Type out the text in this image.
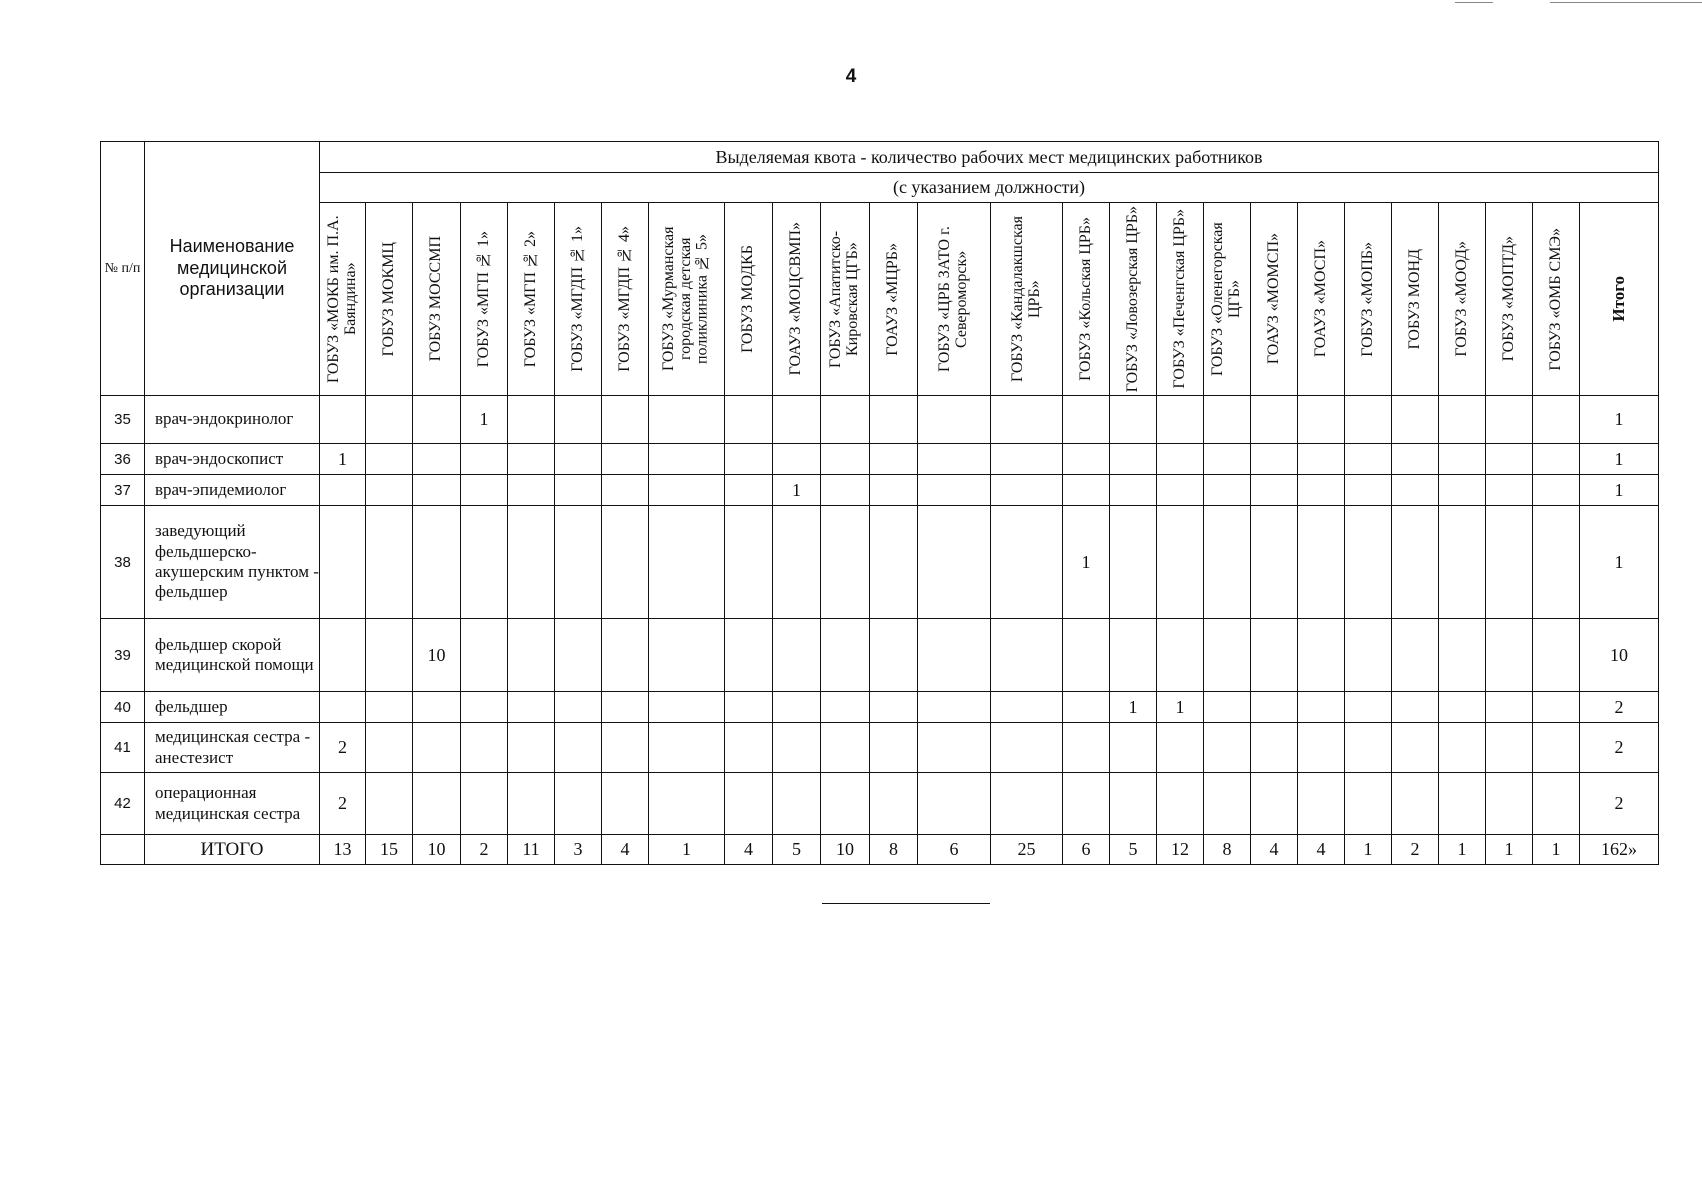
4
№ п/п	Наименование медицинской организации	Выделяемая квота - количество рабочих мест медицинских работников																									
		(с указанием должности)																									

		ГОБУЗ «МОКБ им. П.А. Баяндина»	ГОБУЗ МОКМЦ	ГОБУЗ МОССМП	ГОБУЗ «МГП № 1»	ГОБУЗ «МГП № 2»	ГОБУЗ «МГДП № 1»	ГОБУЗ «МГДП № 4»	ГОБУЗ «Мурманская городская детская поликлиника № 5»	ГОБУЗ МОДКБ	ГОАУЗ «МОЦСВМП»	ГОБУЗ «Апатитско-Кировская ЦГБ»	ГОАУЗ «МЦРБ»	ГОБУЗ «ЦРБ ЗАТО г. Североморск»	ГОБУЗ «Кандалакшская ЦРБ»	ГОБУЗ «Кольская ЦРБ»	ГОБУЗ «Ловозерская ЦРБ»	ГОБУЗ «Печенгская ЦРБ»	ГОБУЗ «Оленегорская ЦГБ»	ГОАУЗ «МОМСП»	ГОАУЗ «МОСП»	ГОБУЗ «МОПБ»	ГОБУЗ МОНД	ГОБУЗ «МООД»	ГОБУЗ «МОПТД»	ГОБУЗ «ОМБ СМЭ»	Итого

35	врач-эндокринолог				1																						1
36	врач-эндоскопист	1																									1
37	врач-эпидемиолог										1																1
38	заведующий фельдшерско-акушерским пунктом - фельдшер															1											1
39	фельдшер скорой медицинской помощи			10																							10
40	фельдшер																1	1									2
41	медицинская сестра - анестезист	2																									2
42	операционная медицинская сестра	2																									2
	ИТОГО	13	15	10	2	11	3	4	1	4	5	10	8	6	25	6	5	12	8	4	4	1	2	1	1	1	162»
